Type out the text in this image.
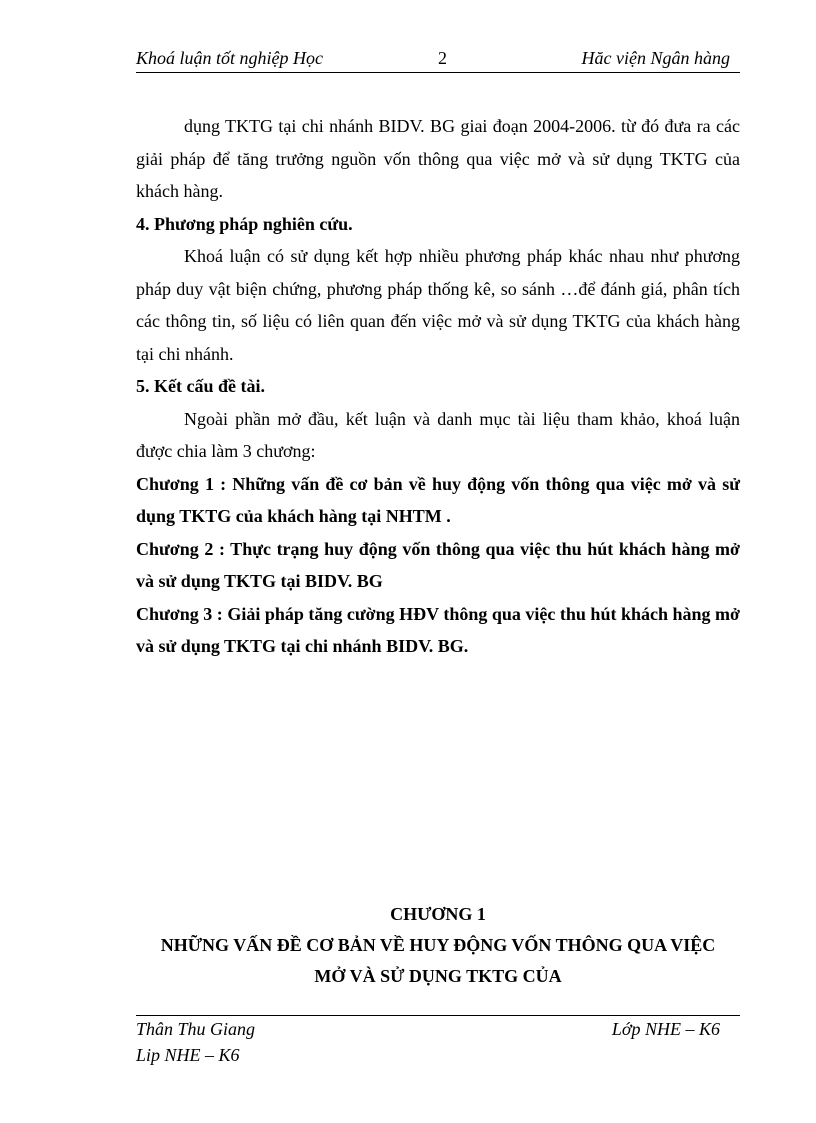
Khoá luận tốt nghiệp Học	2	Hăc viện Ngân hàng

dụng TKTG tại chi nhánh BIDV. BG giai đoạn 2004-2006. từ đó đưa ra các giải pháp để tăng trưởng nguồn vốn thông qua việc mở và sử dụng TKTG của khách hàng.

4. Phương pháp nghiên cứu.

Khoá luận có sử dụng kết hợp nhiều phương pháp khác nhau như phương pháp duy vật biện chứng, phương pháp thống kê, so sánh …để đánh giá, phân tích các thông tin, số liệu có liên quan đến việc mở và sử dụng TKTG của khách hàng tại chi nhánh.

5. Kết cấu đề tài.

Ngoài phần mở đầu, kết luận và danh mục tài liệu tham khảo, khoá luận được chia làm 3 chương:

Chương 1 : Những vấn đề cơ bản về huy động vốn thông qua việc mở và sử dụng TKTG của khách hàng tại NHTM .

Chương 2 : Thực trạng huy động vốn thông qua việc thu hút khách hàng mở và sử dụng TKTG tại BIDV. BG

Chương 3 : Giải pháp tăng cường HĐV thông qua việc thu hút khách hàng mở và sử dụng TKTG tại chi nhánh BIDV. BG.

CHƯƠNG 1
NHỮNG VẤN ĐỀ CƠ BẢN VỀ HUY ĐỘNG VỐN THÔNG QUA VIỆC
MỞ VÀ SỬ DỤNG TKTG CỦA
Thân Thu Giang	Lớp NHE – K6
Lip NHE – K6
